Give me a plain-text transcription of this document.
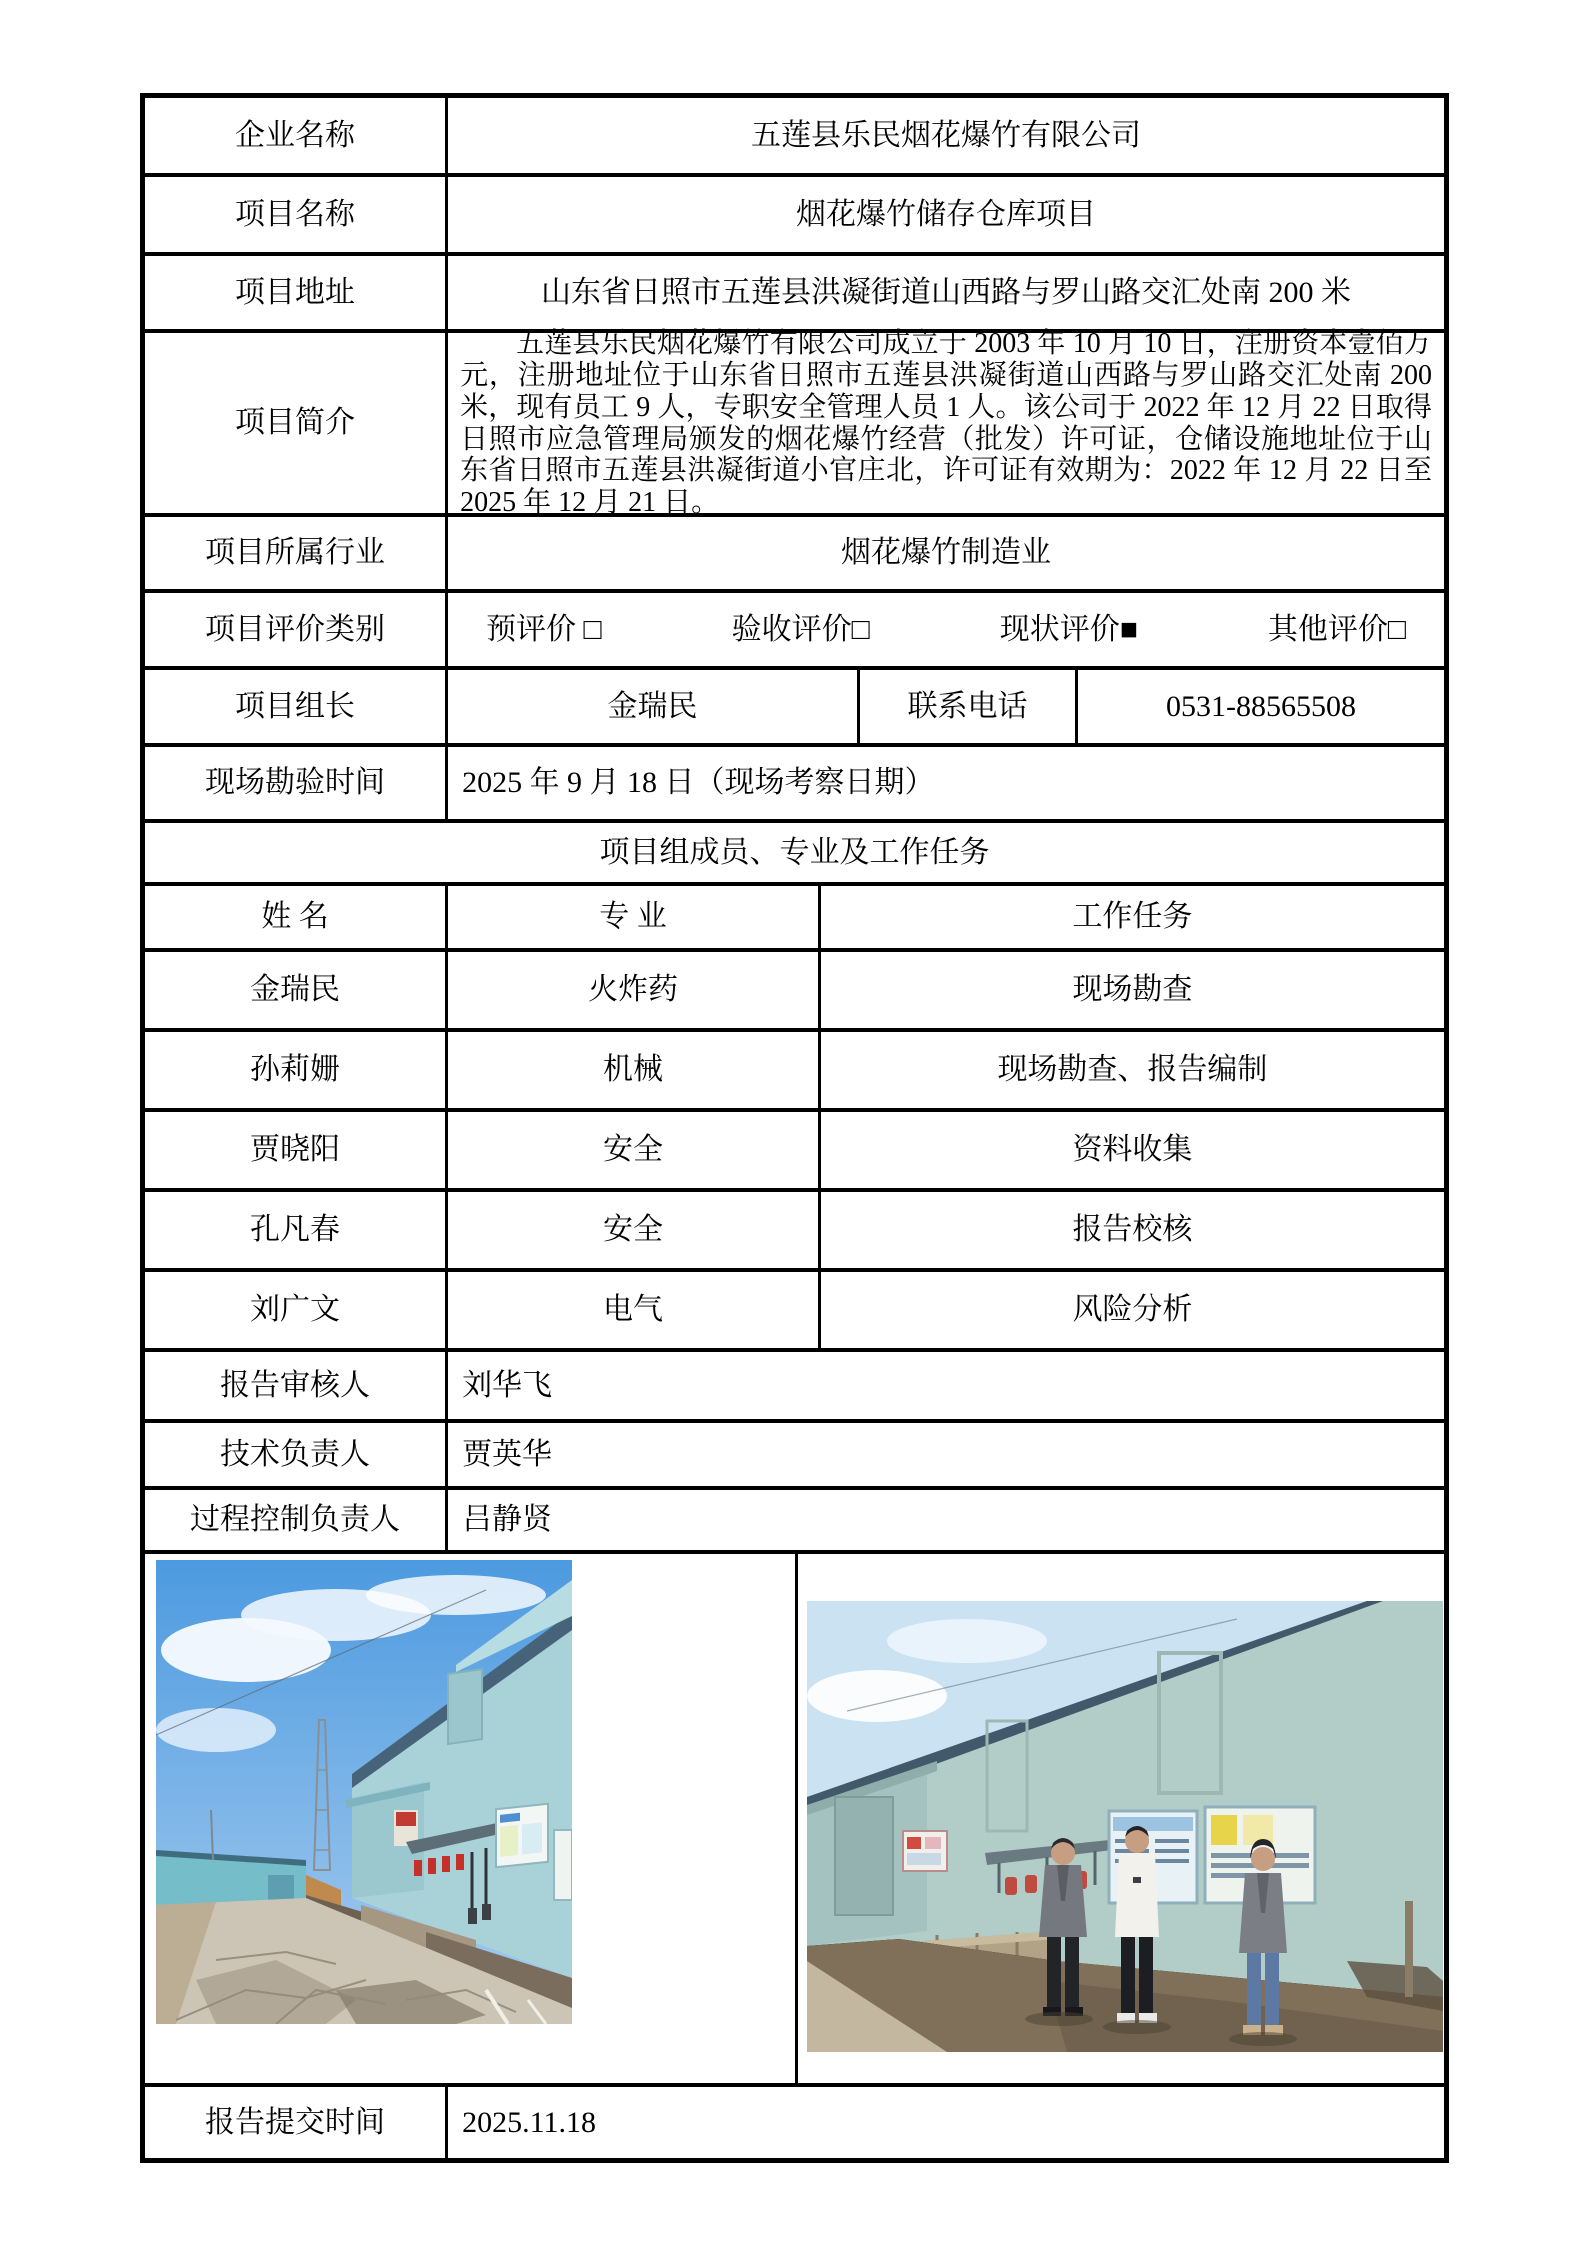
企业名称	五莲县乐民烟花爆竹有限公司
项目名称	烟花爆竹储存仓库项目
项目地址	山东省日照市五莲县洪凝街道山西路与罗山路交汇处南 200 米
项目简介
五莲县乐民烟花爆竹有限公司成立于 2003 年 10 月 10 日，注册资本壹佰万元，注册地址位于山东省日照市五莲县洪凝街道山西路与罗山路交汇处南 200 米，现有员工 9 人，专职安全管理人员 1 人。该公司于 2022 年 12 月 22 日取得日照市应急管理局颁发的烟花爆竹经营（批发）许可证，仓储设施地址位于山东省日照市五莲县洪凝街道小官庄北，许可证有效期为：2022 年 12 月 22 日至 2025 年 12 月 21 日。
项目所属行业	烟花爆竹制造业
项目评价类别	预评价 □	验收评价□	现状评价■	其他评价□
项目组长	金瑞民	联系电话	0531-88565508
现场勘验时间	2025 年 9 月 18 日（现场考察日期）
项目组成员、专业及工作任务
姓 名	专 业	工作任务
金瑞民	火炸药	现场勘查
孙莉姗	机械	现场勘查、报告编制
贾晓阳	安全	资料收集
孔凡春	安全	报告校核
刘广文	电气	风险分析
报告审核人	刘华飞
技术负责人	贾英华
过程控制负责人	吕静贤
报告提交时间	2025.11.18
